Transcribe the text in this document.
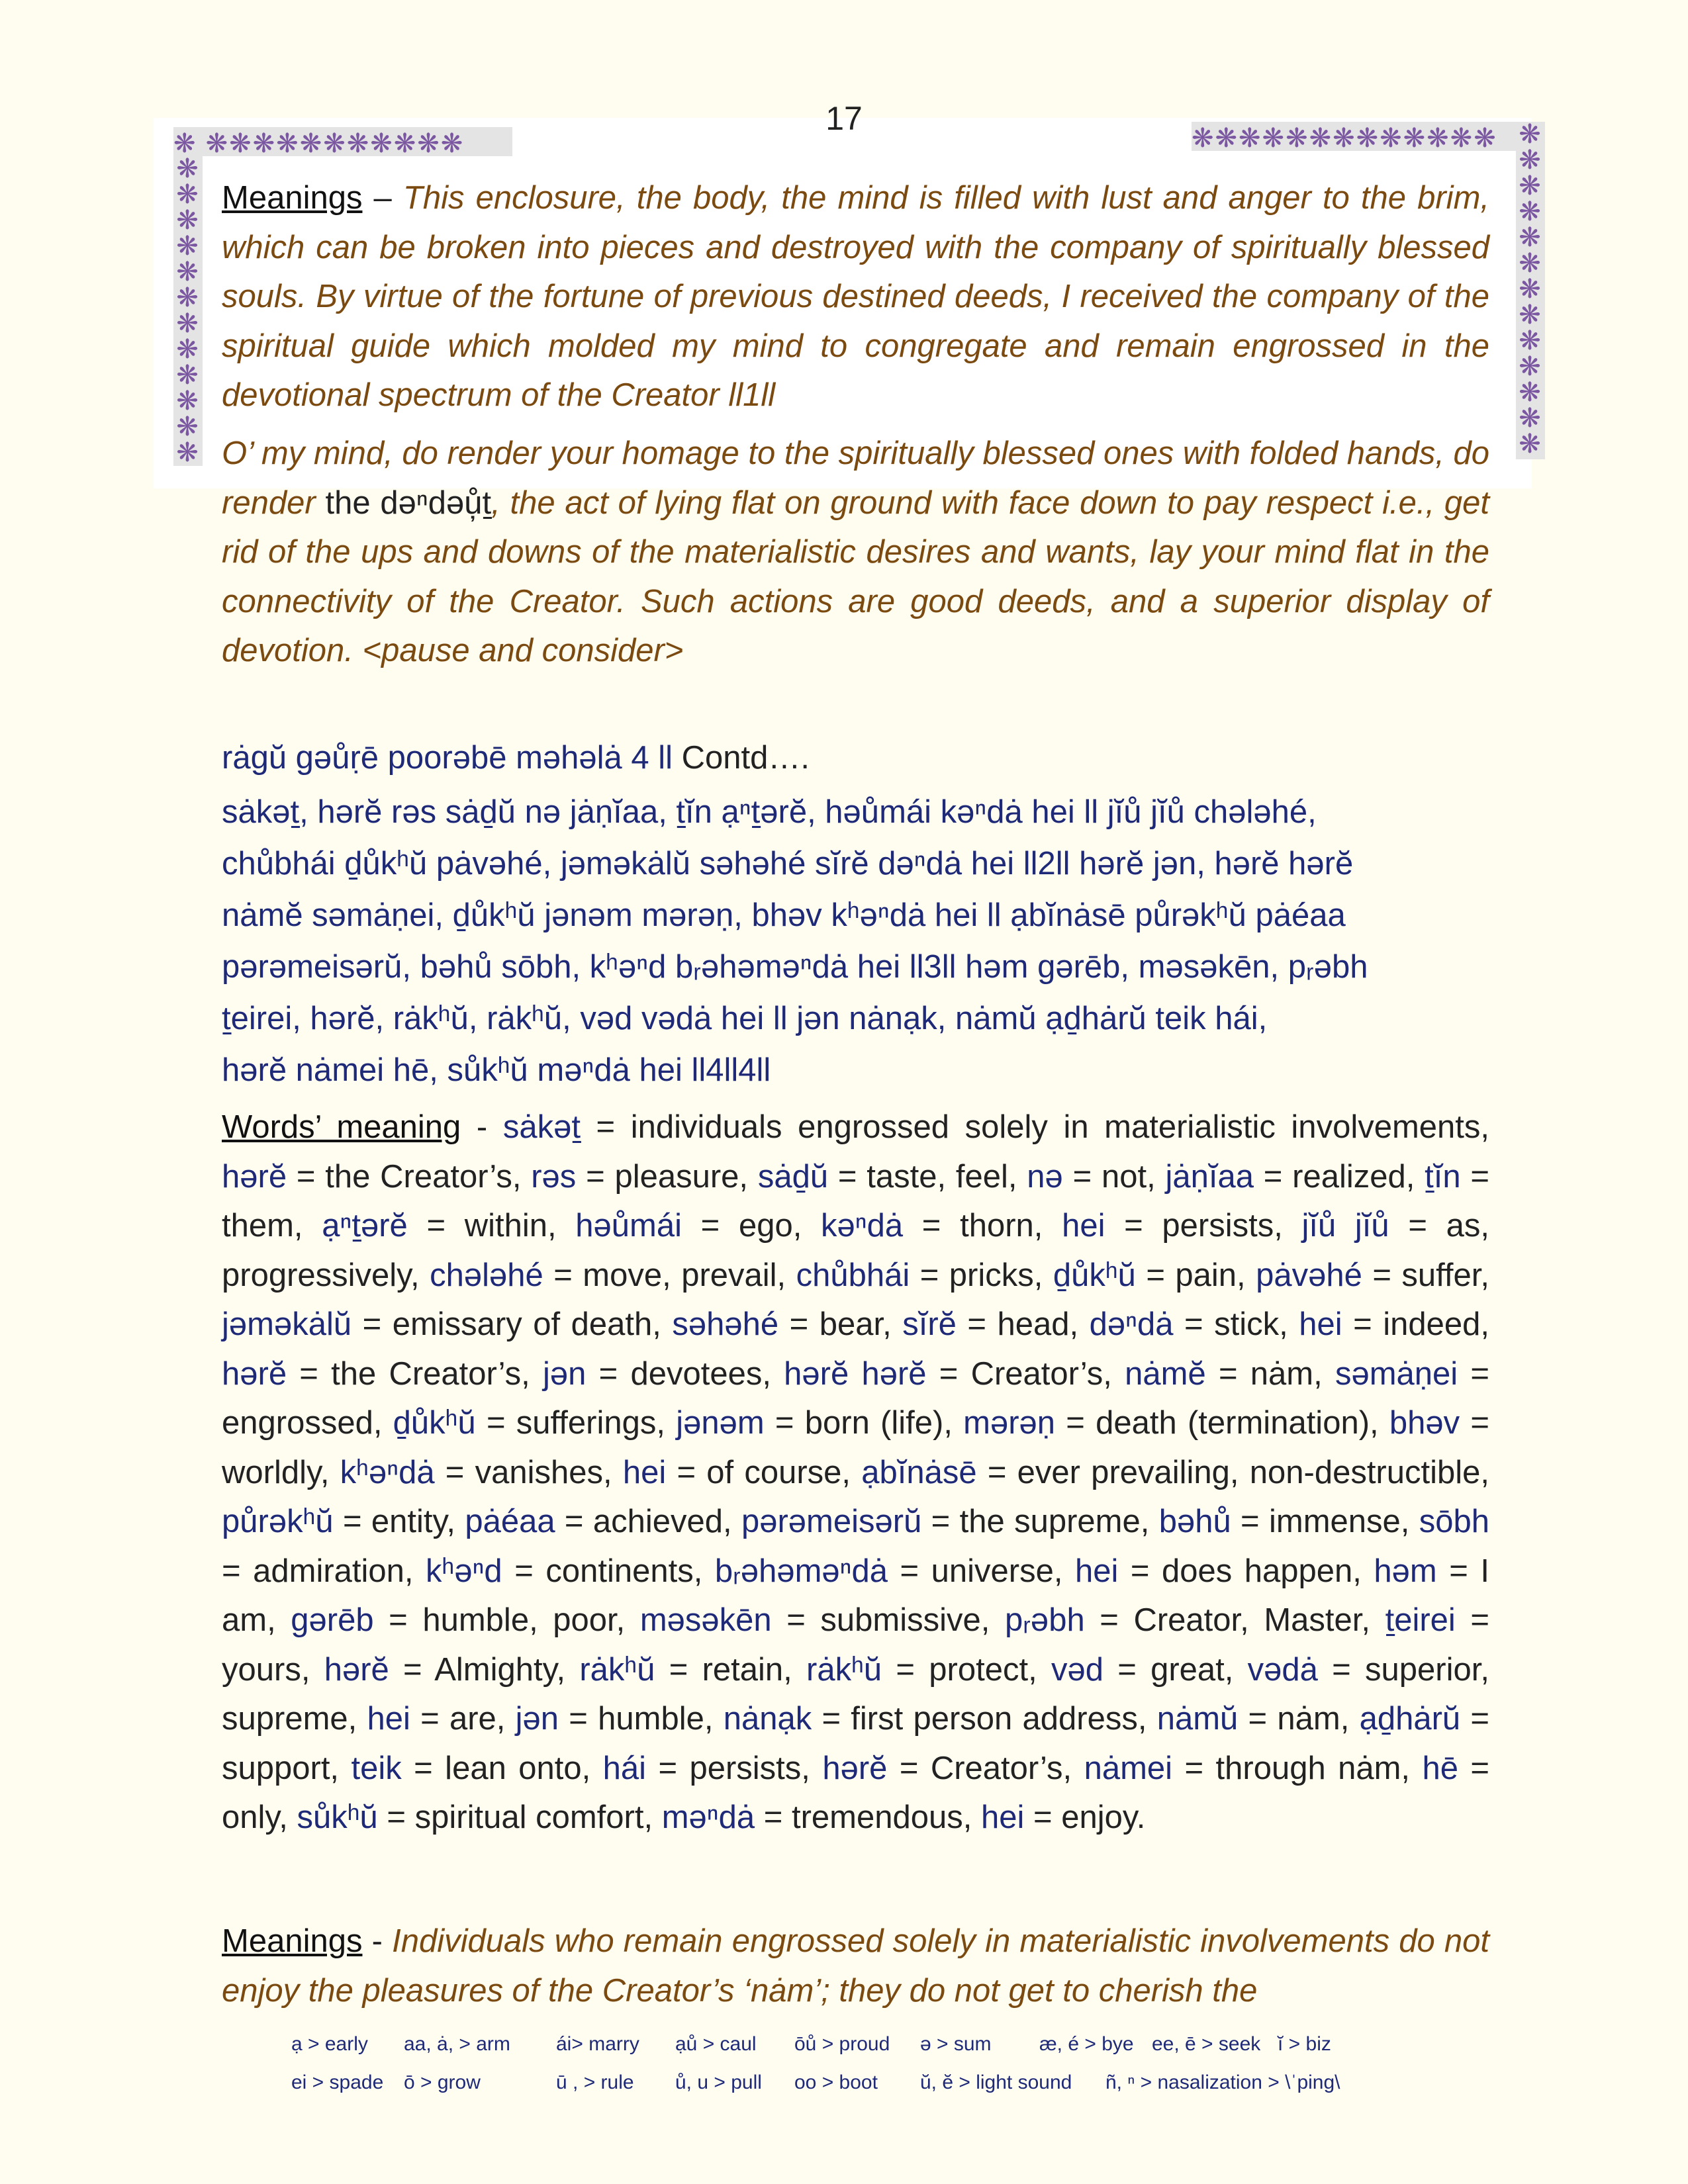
❋ ❋❋❋❋❋❋❋❋❋❋❋	❋❋❋❋❋❋❋❋❋❋❋❋❋
❋ ❋ ❋ ❋ ❋ ❋ ❋ ❋ ❋ ❋ ❋ ❋
❋ ❋ ❋ ❋ ❋ ❋ ❋ ❋ ❋ ❋ ❋ ❋ ❋
17
Meanings – This enclosure, the body, the mind is filled with lust and anger to the brim, which can be broken into pieces and destroyed with the company of spiritually blessed souls. By virtue of the fortune of previous destined deeds, I received the company of the spiritual guide which molded my mind to congregate and remain engrossed in the devotional spectrum of the Creator ll1ll
O’ my mind, do render your homage to the spiritually blessed ones with folded hands, do render the dəⁿdəů̦ṯ, the act of lying flat on ground with face down to pay respect i.e., get rid of the ups and downs of the materialistic desires and wants, lay your mind flat in the connectivity of the Creator. Such actions are good deeds, and a superior display of devotion. <pause and consider>
rȧgŭ gəůṛē poorəbē məhəlȧ 4 ll Contd….
sȧkəṯ, hərĕ rəs sȧḏŭ nə jȧṇĭaa, ṯĭn ạⁿṯərĕ, həůmái kəⁿdȧ hei ll jĭů jĭů chələhé,
chůbhái ḏůkʰŭ pȧvəhé, jəməkȧlŭ səhəhé sĭrĕ dəⁿdȧ hei ll2ll hərĕ jən, hərĕ hərĕ
nȧmĕ səmȧṇei, ḏůkʰŭ jənəm mərəṇ, bhəv kʰəⁿdȧ hei ll ạbĭnȧsē půrəkʰŭ pȧéaa
pərəmeisərŭ, bəhů sōbh, kʰəⁿd bᵣəhəməⁿdȧ hei ll3ll həm gərēb, məsəkēn, pᵣəbh
ṯeirei, hərĕ, rȧkʰŭ, rȧkʰŭ, vəd vədȧ hei ll jən nȧnạk, nȧmŭ ạḏhȧrŭ teik hái,
hərĕ nȧmei hē, sůkʰŭ məⁿdȧ hei ll4ll4ll
Words’ meaning - sȧkəṯ = individuals engrossed solely in materialistic involvements, hərĕ = the Creator’s, rəs = pleasure, sȧḏŭ = taste, feel, nə = not, jȧṇĭaa = realized, ṯĭn = them, ạⁿṯərĕ = within, həůmái = ego, kəⁿdȧ = thorn, hei = persists, jĭů jĭů = as, progressively, chələhé = move, prevail, chůbhái = pricks, ḏůkʰŭ = pain, pȧvəhé = suffer, jəməkȧlŭ = emissary of death, səhəhé = bear, sĭrĕ = head, dəⁿdȧ = stick, hei = indeed, hərĕ = the Creator’s, jən = devotees, hərĕ hərĕ = Creator’s, nȧmĕ = nȧm, səmȧṇei = engrossed, ḏůkʰŭ = sufferings, jənəm = born (life), mərəṇ = death (termination), bhəv = worldly, kʰəⁿdȧ = vanishes, hei = of course, ạbĭnȧsē = ever prevailing, non-destructible, půrəkʰŭ = entity, pȧéaa = achieved, pərəmeisərŭ = the supreme, bəhů = immense, sōbh = admiration, kʰəⁿd = continents, bᵣəhəməⁿdȧ = universe, hei = does happen, həm = I am, gərēb = humble, poor, məsəkēn = submissive, pᵣəbh = Creator, Master, ṯeirei = yours, hərĕ = Almighty, rȧkʰŭ = retain, rȧkʰŭ = protect, vəd = great, vədȧ = superior, supreme, hei = are, jən = humble, nȧnạk = first person address, nȧmŭ = nȧm, ạḏhȧrŭ = support, teik = lean onto, hái = persists, hərĕ = Creator’s, nȧmei = through nȧm, hē = only, sůkʰŭ = spiritual comfort, məⁿdȧ = tremendous, hei = enjoy.
Meanings - Individuals who remain engrossed solely in materialistic involvements do not enjoy the pleasures of the Creator’s ‘nȧm’; they do not get to cherish the
ạ > early aa, ȧ, > arm ái> marry ạů > caul ōů > proud ə > sum æ, é > bye ee, ē > seek ĭ > biz
ei > spade ō > grow	ū , > rule ů, u > pull oo > boot ŭ, ĕ > light sound ñ, ⁿ > nasalization > \ˈping\
